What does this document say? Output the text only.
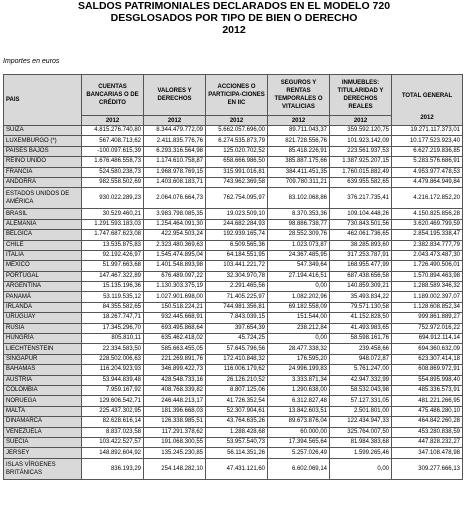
SALDOS PATRIMONIALES DECLARADOS EN EL MODELO 720
DESGLOSADOS POR TIPO DE BIEN O DERECHO
2012
Importes en euros
PAIS	CUENTAS BANCARIAS O DE CRÉDITO	VALORES Y DERECHOS	ACCIONES O PARTICIPA-CIONES EN IIC	SEGUROS Y RENTAS TEMPORALES O VITALICIAS	INMUEBLES: TITULARIDAD Y DERECHOS REALES	TOTAL GENERAL
2012

	2012	2012	2012	2012	2012	
SUIZA	4.815.276.740,80	8.344.479.772,09	5.662.057.696,00	89.711.043,37	359.592.120,75	19.271.117.373,01
LUXEMBURGO (*)	567.408.713,62	2.411.835.776,76	6.274.535.873,79	821.728.556,76	101.923.142,09	10.177.523.923,40
PAÍSES BAJOS	-100.097.615,39	6.293.316.564,98	125.020.702,52	85.418.226,91	223.561.937,53	6.627.219.836,85
REINO UNIDO	1.676.486.558,73	1.174.610.758,87	658.666.986,50	385.887.175,66	1.387.925.207,15	5.283.576.686,91
FRANCIA	524.580.238,73	1.968.978.769,15	315.991.016,81	384.411.451,35	1.760.015.882,49	4.953.977.478,53
ANDORRA	982.558.502,69	1.403.608.183,71	743.962.369,58	709.780.311,21	639.955.582,65	4.479.864.949,84
ESTADOS UNIDOS DE AMÉRICA	930.022.289,23	2.064.076.664,73	762.754.095,97	83.102.068,86	376.217.735,41	4.216.172.852,20
BRASIL	30.529.460,21	3.983.798.085,35	19.023.509,10	8.370.353,36	109.104.448,26	4.150.825.856,28
ALEMANIA	1.291.593.183,03	1.254.464.091,30	244.682.284,93	98.886.738,77	730.843.501,56	3.620.469.799,59
BÉLGICA	1.747.687.623,08	422.954.503,24	192.939.165,74	28.552.309,76	462.061.736,65	2.854.195.338,47
CHILE	13.535.875,83	2.323.480.369,63	6.509.565,36	1.023.073,87	38.285.893,60	2.382.834.777,79
ITALIA	92.192.426,97	1.545.474.895,04	64.184.551,95	24.367.485,95	317.253.787,91	2.043.473.487,30
MÉXICO	51.997.663,68	1.401.548.893,98	103.441.221,72	547.349,64	168.955.477,99	1.726.490.506,01
PORTUGAL	147.467.322,89	676.489.097,22	32.304.970,78	27.194.416,51	687.438.656,58	1.570.894.463,98
ARGENTINA	15.135.196,36	1.130.303.375,19	2.291.465,56	0,00	140.859.309,21	1.288.589.346,32
PANAMÁ	53.119.535,12	1.027.901.698,00	71.405.225,97	1.082.202,96	35.493.834,22	1.189.002.397,07
IRLANDA	84.355.582,65	150.518.224,21	744.981.356,81	69.182.558,09	79.571.130,58	1.128.608.852,34
URUGUAY	18.267.747,71	932.445.668,91	7.843.039,15	151.544,00	41.152.828,50	999.861.889,27
RUSIA	17.345.296,70	693.495.868,64	397.654,39	238.212,84	41.493.983,65	752.972.016,22
HUNGRÍA	805.810,11	635.462.418,02	45.724,25	0,00	58.598.161,76	694.912.114,14
LIECHTENSTEIN	22.334.583,50	585.663.455,05	57.645.796,56	28.477.338,32	239.458,66	694.360.632,09
SINGAPUR	228.502.006,63	221.269.891,76	172.410.848,32	176.595,20	948.072,87	623.307.414,18
BAHAMAS	116.204.923,93	346.899.422,73	116.006.179,62	24.996.199,83	5.761.247,00	608.869.972,91
AUSTRIA	53.944.839,48	428.548.733,16	26.126.210,52	3.333.871,34	42.947.332,99	554.895.998,40
COLOMBIA	7.959.167,92	408.768.339,82	8.807.125,06	1.290.638,00	58.532.043,98	485.336.573,91
NORUEGA	129.606.542,71	246.448.213,17	41.726.352,54	6.312.827,48	57.127.331,05	481.221.266,95
MALTA	225.437.302,95	181.396.668,03	52.307.904,61	13.842.603,51	2.501.801,00	475.486.280,10
DINAMARCA	82.628.616,14	126.338.985,51	43.764.635,26	89.673.876,04	122.434.947,33	464.842.260,28
VENEZUELA	8.837.023,58	117.291.378,62	1.288.428,68	60.000,00	325.764.007,50	453.280.838,59
SUECIA	103.422.527,57	191.068.300,55	53.957.540,73	17.394.565,64	81.984.383,68	447.828.232,27
JERSEY	148.892.604,92	135.245.230,85	56.114.351,26	5.257.026,49	1.599.265,46	347.108.478,98
ISLAS VÍRGENES BRITÁNICAS	836.193,29	254.148.282,10	47.431.121,60	6.602.069,14	0,00	309.277.666,13
